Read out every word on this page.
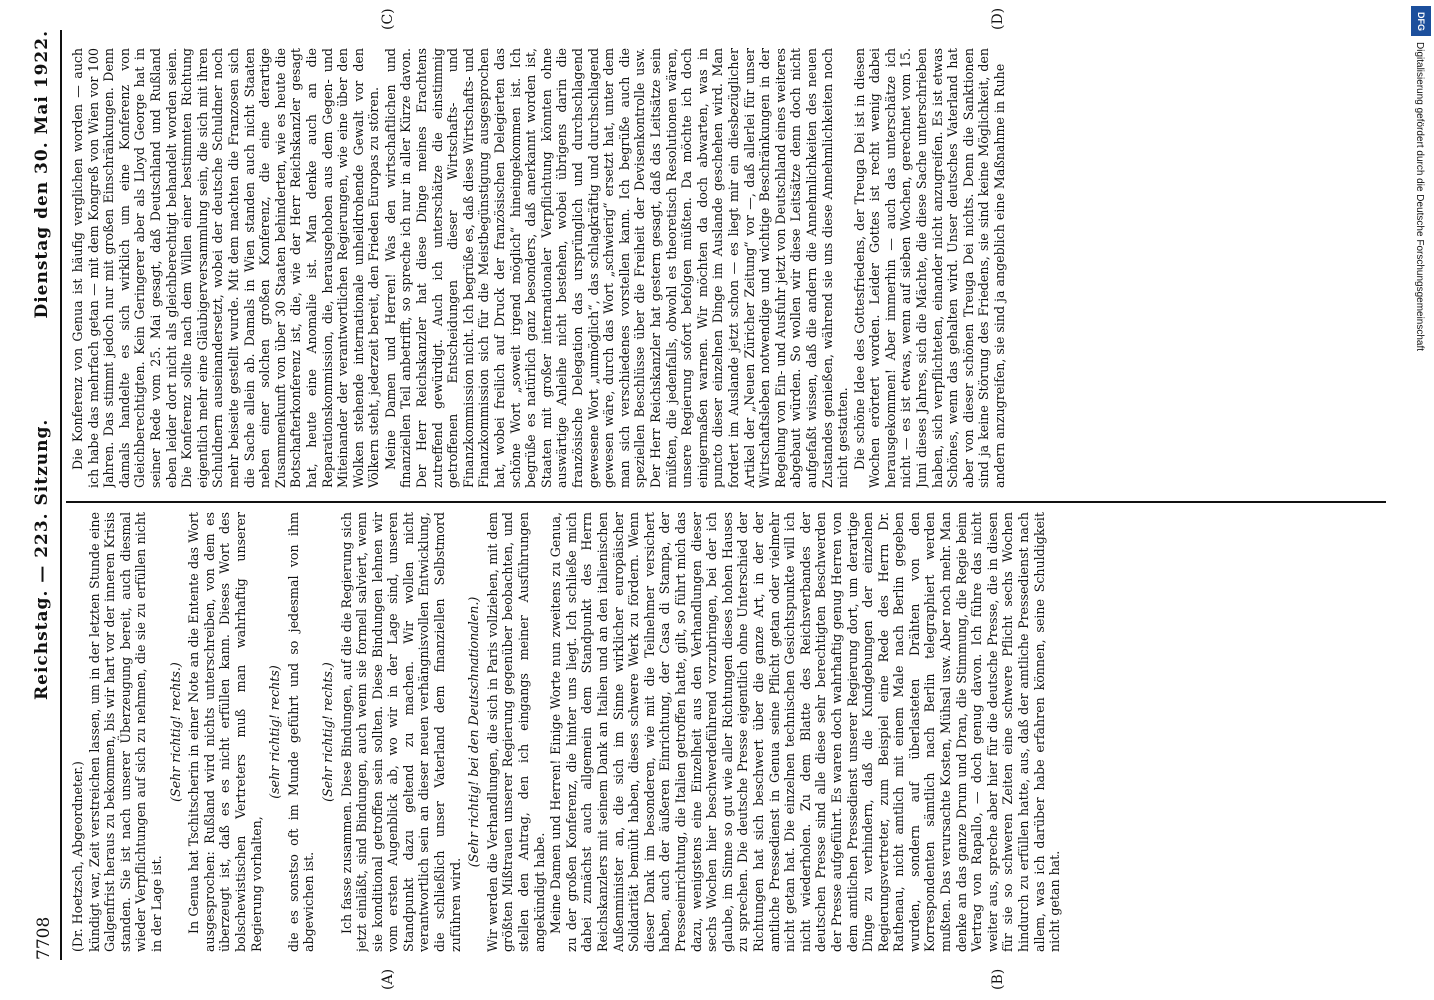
7708
Reichstag. — 223. Sitzung.
Dienstag den 30. Mai 1922.
(A)	(B)
(C)	(D)

(Dr. Hoetzsch, Abgeordneter.) kündigt war, Zeit verstreichen lassen, um in der letzten Stunde eine Galgenfrist heraus zu bekommen, bis wir hart vor der inneren Krisis standen. Sie ist nach unserer Überzeugung bereit, auch diesmal wieder Verpflichtungen auf sich zu nehmen, die sie zu erfüllen nicht in der Lage ist.

(Sehr richtig! rechts.) In Genua hat Tschitscherin in einer Note an die Entente das Wort ausgesprochen: Rußland wird nichts unterschreiben, von dem es überzeugt ist, daß es es nicht erfüllen kann. Dieses Wort des bolschewistischen Vertreters muß man wahrhaftig unserer Regierung vorhalten,

(sehr richtig! rechts) die es sonstso oft im Munde geführt und so jedesmal von ihm abgewichen ist.

(Sehr richtig! rechts.) Ich fasse zusammen. Diese Bindungen, auf die die Regierung sich jetzt einläßt, sind Bindungen, auch wenn sie formell salviert, wenn sie konditional getroffen sein sollten. Diese Bindungen lehnen wir vom ersten Augenblick ab, wo wir in der Lage sind, unseren Standpunkt dazu geltend zu machen. Wir wollen nicht verantwortlich sein an dieser neuen verhängnisvollen Entwicklung, die schließlich unser Vaterland dem finanziellen Selbstmord zuführen wird.

(Sehr richtig! bei den Deutschnationalen.) Wir werden die Verhandlungen, die sich in Paris vollziehen, mit dem größten Mißtrauen unserer Regierung gegenüber beobachten, und stellen den Antrag, den ich eingangs meiner Ausführungen angekündigt habe. Meine Damen und Herren! Einige Worte nun zweitens zu Genua, zu der großen Konferenz, die hinter uns liegt. Ich schließe mich dabei zunächst auch allgemein dem Standpunkt des Herrn Reichskanzlers mit seinem Dank an Italien und an den italienischen Außenminister an, die sich im Sinne wirklicher europäischer Solidarität bemüht haben, dieses schwere Werk zu fördern. Wenn dieser Dank im besonderen, wie mit die Teilnehmer versichert haben, auch der äußeren Einrichtung, der Casa di Stampa, der Presseeinrichtung, die Italien getroffen hatte, gilt, so führt mich das dazu, wenigstens eine Einzelheit aus den Verhandlungen dieser sechs Wochen hier beschwerdeführend vorzubringen, bei der ich glaube, im Sinne so gut wie aller Richtungen dieses hohen Hauses zu sprechen. Die deutsche Presse eigentlich ohne Unterschied der Richtungen hat sich beschwert über die ganze Art, in der der amtliche Pressedienst in Genua seine Pflicht getan oder vielmehr nicht getan hat. Die einzelnen technischen Gesichtspunkte will ich nicht wiederholen. Zu dem Blatte des Reichsverbandes der deutschen Presse sind alle diese sehr berechtigten Beschwerden der Presse aufgeführt. Es waren doch wahrhaftig genug Herren von dem amtlichen Pressedienst unserer Regierung dort, um derartige Dinge zu verhindern, daß die Kundgebungen der einzelnen Regierungsvertreter, zum Beispiel eine Rede des Herrn Dr. Rathenau, nicht amtlich mit einem Male nach Berlin gegeben wurden, sondern auf überlasteten Drähten von den Korrespondenten sämtlich nach Berlin telegraphiert werden mußten. Das verursachte Kosten, Mühsal usw. Aber noch mehr. Man denke an das ganze Drum und Dran, die Stimmung, die Regie beim Vertrag von Rapallo, — doch genug davon. Ich führe das nicht weiter aus, spreche aber hier für die deutsche Presse, die in diesen für sie so schweren Zeiten eine schwere Pflicht sechs Wochen hindurch zu erfüllen hatte, aus, daß der amtliche Pressedienst nach allem, was ich darüber habe erfahren können, seine Schuldigkeit nicht getan hat.

Die Konferenz von Genua ist häufig verglichen worden — auch ich habe das mehrfach getan — mit dem Kongreß von Wien vor 100 Jahren. Das stimmt jedoch nur mit großen Einschränkungen. Denn damals handelte es sich wirklich um eine Konferenz von Gleichberechtigten. Kein Geringerer aber als Lloyd George hat in seiner Rede vom 25. Mai gesagt, daß Deutschland und Rußland eben leider dort nicht als gleichberechtigt behandelt worden seien. Die Konferenz sollte nach dem Willen einer bestimmten Richtung eigentlich mehr eine Gläubigerversammlung sein, die sich mit ihren Schuldnern auseinandersetzt, wobei der deutsche Schuldner noch mehr beiseite gestellt wurde. Mit dem machten die Franzosen sich die Sache allein ab. Damals in Wien standen auch nicht Staaten neben einer solchen großen Konferenz, die eine derartige Zusammenkunft von über 30 Staaten behinderten, wie es heute die Botschafterkonferenz ist, die, wie der Herr Reichskanzler gesagt hat, heute eine Anomalie ist. Man denke auch an die Reparationskommission, die, herausgehoben aus dem Gegen- und Miteinander der verantwortlichen Regierungen, wie eine über den Wolken stehende internationale unheildrohende Gewalt vor den Völkern steht, jederzeit bereit, den Frieden Europas zu stören. Meine Damen und Herren! Was den wirtschaftlichen und finanziellen Teil anbetrifft, so spreche ich nur in aller Kürze davon. Der Herr Reichskanzler hat diese Dinge meines Erachtens zutreffend gewürdigt. Auch ich unterschätze die einstimmig getroffenen Entscheidungen dieser Wirtschafts- und Finanzkommission nicht. Ich begrüße es, daß diese Wirtschafts- und Finanzkommission sich für die Meistbegünstigung ausgesprochen hat, wobei freilich auf Druck der französischen Delegierten das schöne Wort „soweit irgend möglich“ hineingekommen ist. Ich begrüße es natürlich ganz besonders, daß anerkannt worden ist, Staaten mit großer internationaler Verpflichtung könnten ohne auswärtige Anleihe nicht bestehen, wobei übrigens darin die französische Delegation das ursprünglich und durchschlagend gewesene Wort „unmöglich“, das schlagkräftig und durchschlagend gewesen wäre, durch das Wort „schwierig“ ersetzt hat, unter dem man sich verschiedenes vorstellen kann. Ich begrüße auch die speziellen Beschlüsse über die Freiheit der Devisenkontrolle usw. Der Herr Reichskanzler hat gestern gesagt, daß das Leitsätze sein müßten, die jedenfalls, obwohl es theoretisch Resolutionen wären, unsere Regierung sofort befolgen müßten. Da möchte ich doch einigermaßen warnen. Wir möchten da doch abwarten, was in puncto dieser einzelnen Dinge im Auslande geschehen wird. Man fordert im Auslande jetzt schon — es liegt mir ein diesbezüglicher Artikel der „Neuen Züricher Zeitung“ vor —, daß allerlei für unser Wirtschaftsleben notwendige und wichtige Beschränkungen in der Regelung von Ein- und Ausfuhr jetzt von Deutschland eines weiteres abgebaut würden. So wollen wir diese Leitsätze denn doch nicht aufgefaßt wissen, daß die andern die Annehmlichkeiten des neuen Zustandes genießen, während sie uns diese Annehmlichkeiten noch nicht gestatten. Die schöne Idee des Gottesfriedens, der Treuga Dei ist in diesen Wochen erörtert worden. Leider Gottes ist recht wenig dabei herausgekommen! Aber immerhin — auch das unterschätze ich nicht — es ist etwas, wenn auf sieben Wochen, gerechnet vom 15. Juni dieses Jahres, sich die Mächte, die diese Sache unterschrieben haben, sich verpflichteten, einander nicht anzugreifen. Es ist etwas Schönes, wenn das gehalten wird. Unser deutsches Vaterland hat aber von dieser schönen Treuga Dei nichts. Denn die Sanktionen sind ja keine Störung des Friedens, sie sind keine Möglichkeit, den andern anzugreifen, sie sind ja angeblich eine Maßnahme in Ruhe

DFG
Digitalisierung gefördert durch die Deutsche Forschungsgemeinschaft
